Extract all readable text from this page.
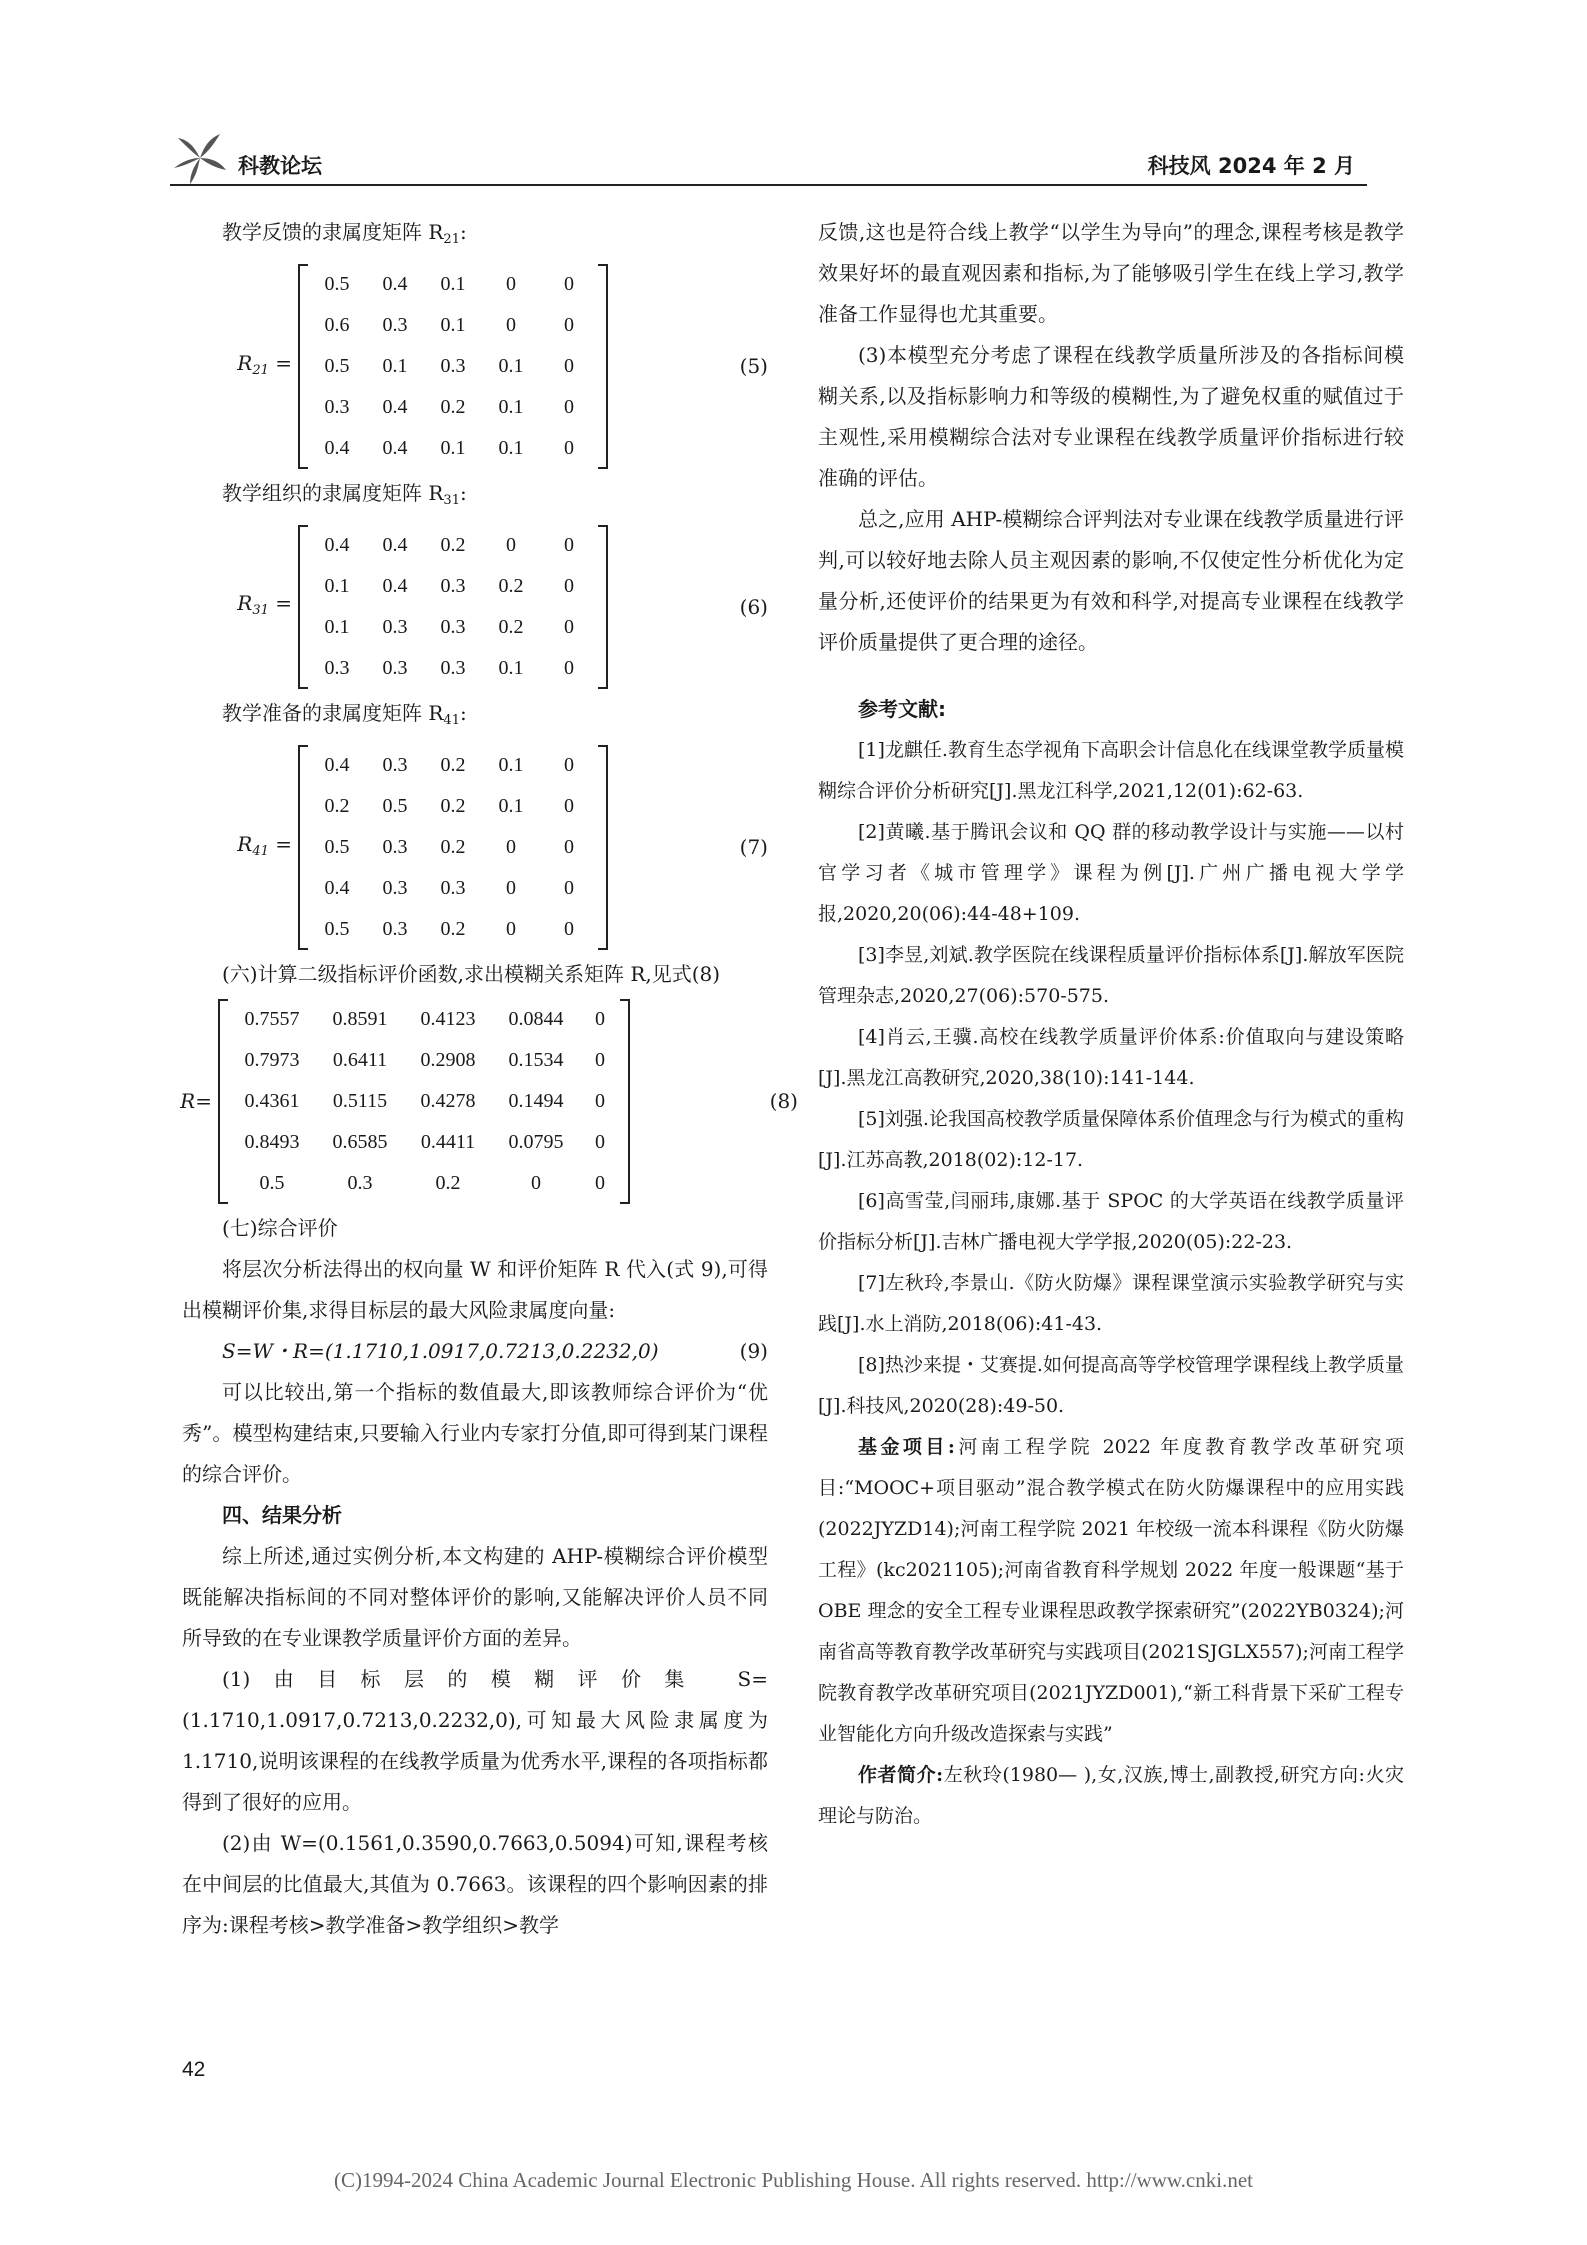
科教论坛	科技风 2024 年 2 月

教学反馈的隶属度矩阵 $R_{21}$:

$R_{21}$ =
0.5	0.4	0.1	0	0
0.6	0.3	0.1	0	0
0.5	0.1	0.3	0.1	0
0.3	0.4	0.2	0.1	0
0.4	0.4	0.1	0.1	0
(5)

教学组织的隶属度矩阵 $R_{31}$:

$R_{31}$ =
0.4	0.4	0.2	0	0
0.1	0.4	0.3	0.2	0
0.1	0.3	0.3	0.2	0
0.3	0.3	0.3	0.1	0
(6)

教学准备的隶属度矩阵 $R_{41}$:

$R_{41}$ =
0.4	0.3	0.2	0.1	0
0.2	0.5	0.2	0.1	0
0.5	0.3	0.2	0	0
0.4	0.3	0.3	0	0
0.5	0.3	0.2	0	0
(7)

(六)计算二级指标评价函数,求出模糊关系矩阵 R,见式(8)

R=
0.7557	0.8591	0.4123	0.0844	0
0.7973	0.6411	0.2908	0.1534	0
0.4361	0.5115	0.4278	0.1494	0
0.8493	0.6585	0.4411	0.0795	0
0.5	0.3	0.2	0	0
(8)

(七)综合评价

将层次分析法得出的权向量 W 和评价矩阵 R 代入(式 9),可得出模糊评价集,求得目标层的最大风险隶属度向量:

S=W・R=(1.1710,1.0917,0.7213,0.2232,0)	(9)

可以比较出,第一个指标的数值最大,即该教师综合评价为“优秀”。模型构建结束,只要输入行业内专家打分值,即可得到某门课程的综合评价。

四、结果分析

综上所述,通过实例分析,本文构建的 AHP-模糊综合评价模型既能解决指标间的不同对整体评价的影响,又能解决评价人员不同所导致的在专业课教学质量评价方面的差异。

(1)由目标层的模糊评价集 S=(1.1710,1.0917,0.7213,0.2232,0),可知最大风险隶属度为 1.1710,说明该课程的在线教学质量为优秀水平,课程的各项指标都得到了很好的应用。

(2)由 W=(0.1561,0.3590,0.7663,0.5094)可知,课程考核在中间层的比值最大,其值为 0.7663。该课程的四个影响因素的排序为:课程考核>教学准备>教学组织>教学

反馈,这也是符合线上教学“以学生为导向”的理念,课程考核是教学效果好坏的最直观因素和指标,为了能够吸引学生在线上学习,教学准备工作显得也尤其重要。

(3)本模型充分考虑了课程在线教学质量所涉及的各指标间模糊关系,以及指标影响力和等级的模糊性,为了避免权重的赋值过于主观性,采用模糊综合法对专业课程在线教学质量评价指标进行较准确的评估。

总之,应用 AHP-模糊综合评判法对专业课在线教学质量进行评判,可以较好地去除人员主观因素的影响,不仅使定性分析优化为定量分析,还使评价的结果更为有效和科学,对提高专业课程在线教学评价质量提供了更合理的途径。

参考文献:

[1]龙麒任.教育生态学视角下高职会计信息化在线课堂教学质量模糊综合评价分析研究[J].黑龙江科学,2021,12(01):62-63.

[2]黄曦.基于腾讯会议和 QQ 群的移动教学设计与实施——以村官学习者《城市管理学》课程为例[J].广州广播电视大学学报,2020,20(06):44-48+109.

[3]李昱,刘斌.教学医院在线课程质量评价指标体系[J].解放军医院管理杂志,2020,27(06):570-575.

[4]肖云,王骥.高校在线教学质量评价体系:价值取向与建设策略[J].黑龙江高教研究,2020,38(10):141-144.

[5]刘强.论我国高校教学质量保障体系价值理念与行为模式的重构[J].江苏高教,2018(02):12-17.

[6]高雪莹,闫丽玮,康娜.基于 SPOC 的大学英语在线教学质量评价指标分析[J].吉林广播电视大学学报,2020(05):22-23.

[7]左秋玲,李景山.《防火防爆》课程课堂演示实验教学研究与实践[J].水上消防,2018(06):41-43.

[8]热沙来提・艾赛提.如何提高高等学校管理学课程线上教学质量[J].科技风,2020(28):49-50.

基金项目:河南工程学院 2022 年度教育教学改革研究项目:“MOOC+项目驱动”混合教学模式在防火防爆课程中的应用实践(2022JYZD14);河南工程学院 2021 年校级一流本科课程《防火防爆工程》(kc2021105);河南省教育科学规划 2022 年度一般课题“基于 OBE 理念的安全工程专业课程思政教学探索研究”(2022YB0324);河南省高等教育教学改革研究与实践项目(2021SJGLX557);河南工程学院教育教学改革研究项目(2021JYZD001),“新工科背景下采矿工程专业智能化方向升级改造探索与实践”

作者简介:左秋玲(1980— ),女,汉族,博士,副教授,研究方向:火灾理论与防治。

42
(C)1994-2024 China Academic Journal Electronic Publishing House. All rights reserved. http://www.cnki.net
